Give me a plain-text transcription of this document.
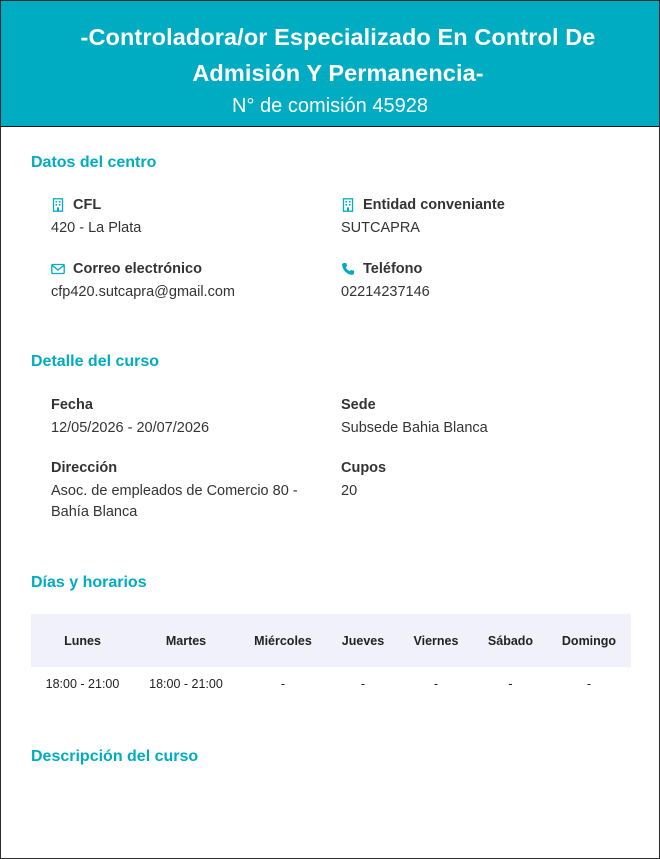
-Controladora/or Especializado En Control De Admisión Y Permanencia-
N° de comisión 45928
Datos del centro
CFL
420 - La Plata
Entidad conveniante
SUTCAPRA
Correo electrónico
cfp420.sutcapra@gmail.com
Teléfono
02214237146
Detalle del curso
Fecha
12/05/2026 - 20/07/2026
Sede
Subsede Bahia Blanca
Dirección
Asoc. de empleados de Comercio 80 -
Bahía Blanca
Cupos
20
Días y horarios
Lunes	Martes	Miércoles	Jueves	Viernes	Sábado	Domingo
18:00 - 21:00	18:00 - 21:00	-	-	-	-	-
Descripción del curso
